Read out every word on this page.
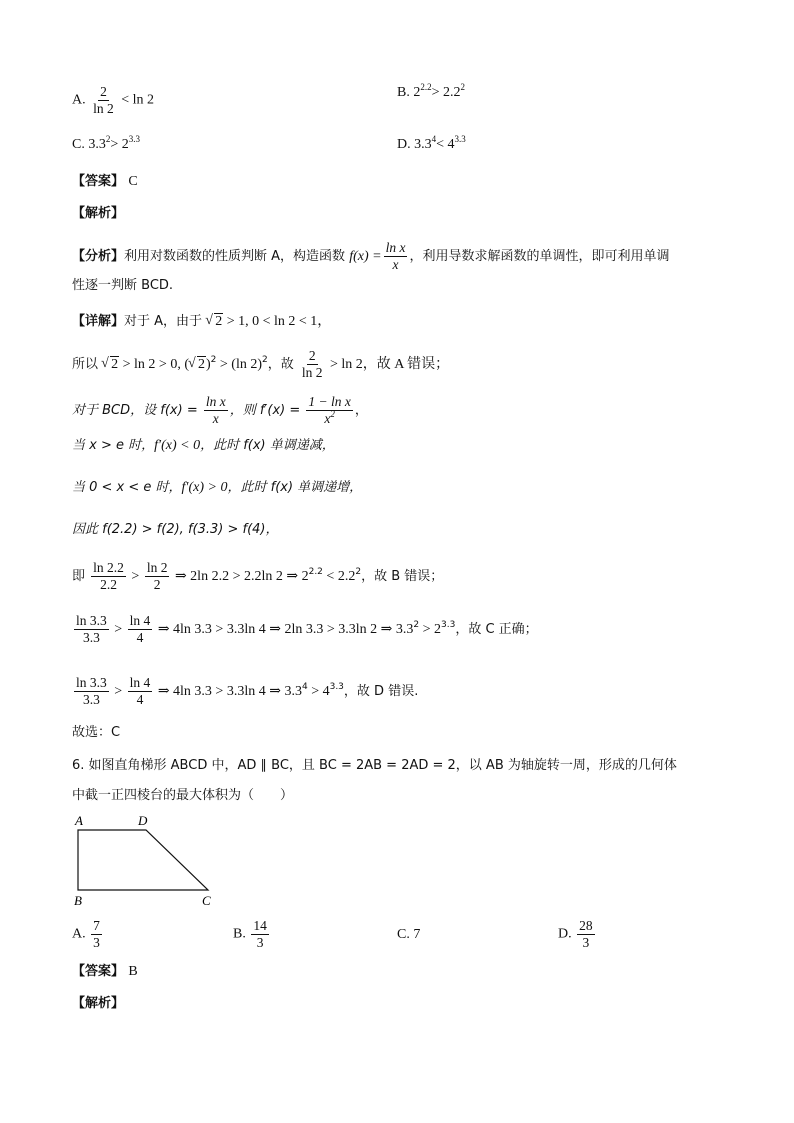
A. $\frac{2}{\ln 2} < \ln 2$
B. $2^{2.2}> 2.2^2$
C. $3.3^2> 2^{3.3}$	D. $3.3^4< 4^{3.3}$
【答案】 C
【解析】
【分析】利用对数函数的性质判断 A，构造函数 $f(x) = \frac{\text{ln x}}{x}$ ，利用导数求解函数的单调性，即可利用单调
性逐一判断 BCD.
【详解】对于 A，由于 √ 2 > 1, 0 < ln 2 < 1，
所以 √ 2 > ln 2 > 0, (√ 2)$^2$ > (ln 2)$^2$，故 $\frac{2}{\ln 2} > \ln 2$，故 A 错误；
对于 BCD，设 $f(x) = \frac{\text{ln x}}{x}$ ，则 $f'(x) = \frac{\text{1 − ln x}}{x^2}$ ，
当 x > e 时，f′(x) < 0，此时 f(x) 单调递减，
当 0 < x < e 时，f′(x) > 0，此时 f(x) 单调递增，
因此 f(2.2) > f(2), f(3.3) > f(4)，
即 $\frac{\ln 2.2}{2.2} > \frac{\ln 2}{2}$ ⇒ 2ln 2.2 > 2.2ln 2 ⇒ $2^{2.2} < 2.2^2$，故 B 错误；
$\frac{\ln 3.3}{3.3} > \frac{\ln 4}{4}$ ⇒ 4ln 3.3 > 3.3ln 4 ⇒ 2ln 3.3 > 3.3ln 2 ⇒ $3.3^2 > 2^{3.3}$，故 C 正确；
$\frac{\ln 3.3}{3.3} > \frac{\ln 4}{4}$ ⇒ 4ln 3.3 > 3.3ln 4 ⇒ $3.3^4 > 4^{3.3}$，故 D 错误.
故选：C
6. 如图直角梯形 ABCD 中，AD ∥ BC，且 BC = 2AB = 2AD = 2，以 AB 为轴旋转一周，形成的几何体
中截一正四棱台的最大体积为（　　）
A	D
B	C
A. $\frac{7}{3}$	B. $\frac{14}{3}$	C. 7	D. $\frac{28}{3}$
【答案】 B
【解析】
